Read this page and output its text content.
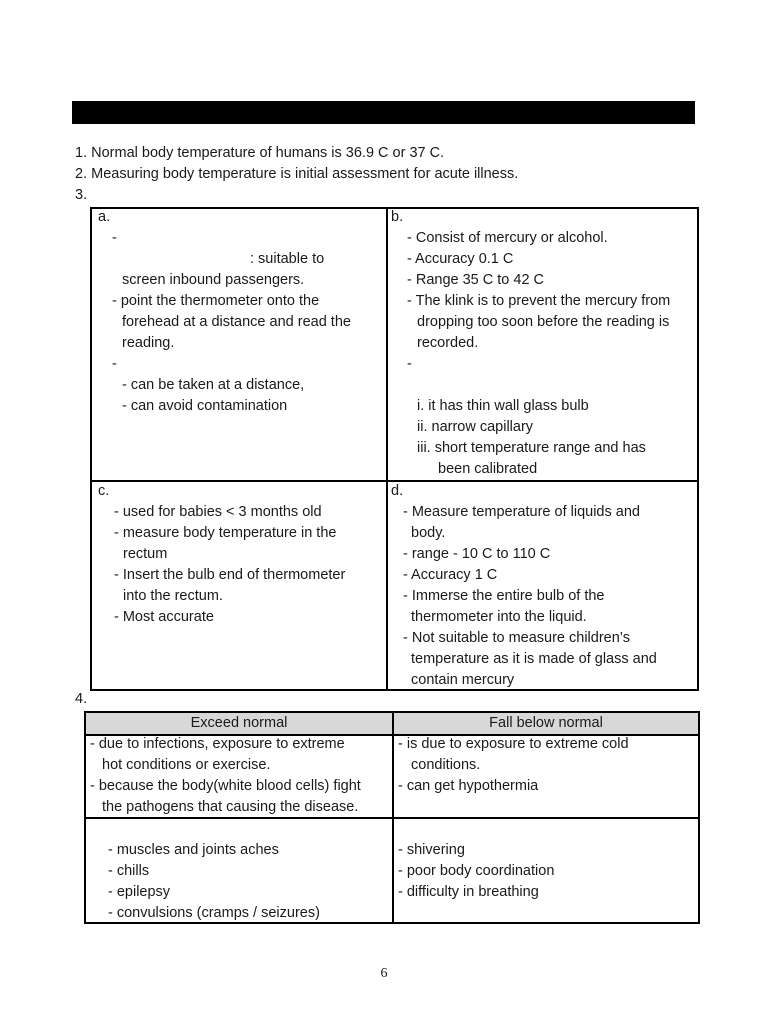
1. Normal body temperature of humans is 36.9 C or 37 C.
2. Measuring body temperature is initial assessment for acute illness.
3.
a.
-
: suitable to
screen inbound passengers.
- point the thermometer onto the
forehead at a distance and read the
reading.
-
- can be taken at a distance,
- can avoid contamination
b.
- Consist of mercury or alcohol.
- Accuracy 0.1 C
- Range 35 C to 42 C
- The klink is to prevent the mercury from
dropping too soon before the reading is
recorded.
-
i. it has thin wall glass bulb
ii. narrow capillary
iii. short temperature range and has
been calibrated
c.
- used for babies < 3 months old
- measure body temperature in the
rectum
- Insert the bulb end of thermometer
into the rectum.
- Most accurate
d.
- Measure temperature of liquids and
body.
- range - 10 C to 110 C
- Accuracy 1 C
- Immerse the entire bulb of the
thermometer into the liquid.
- Not suitable to measure children’s
temperature as it is made of glass and
contain mercury
4.
Exceed normal	Fall below normal
- due to infections, exposure to extreme
hot conditions or exercise.
- because the body(white blood cells) fight
the pathogens that causing the disease.
- is due to exposure to extreme cold
conditions.
- can get hypothermia
- muscles and joints aches
- chills
- epilepsy
- convulsions (cramps / seizures)
- shivering
- poor body coordination
- difficulty in breathing
6
